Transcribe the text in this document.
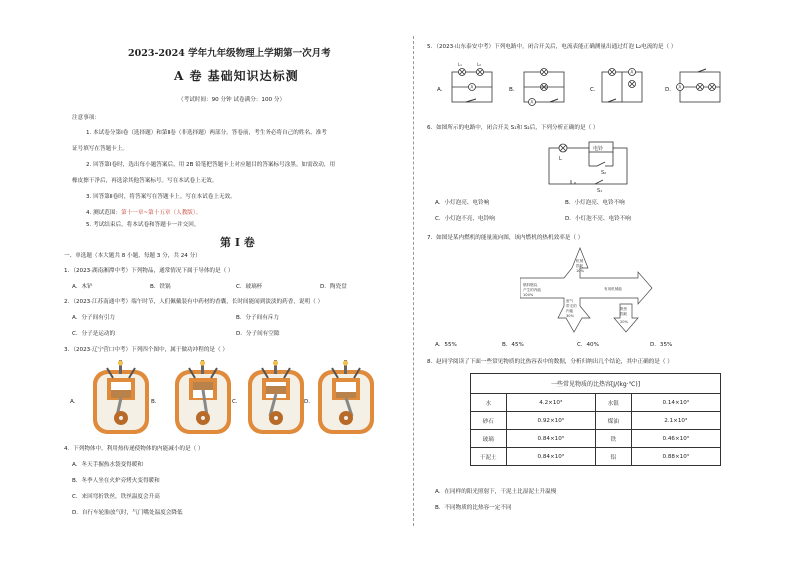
2023-2024 学年九年级物理上学期第一次月考
A 卷 基础知识达标测
（考试时间：90 分钟 试卷满分：100 分）
注意事项：
1. 本试卷分第Ⅰ卷（选择题）和第Ⅱ卷（非选择题）两部分。答卷前，考生务必将自己的姓名、准考
证号填写在答题卡上。
2. 回答第Ⅰ卷时，选出每小题答案后，用 2B 铅笔把答题卡上对应题目的答案标号涂黑。如需改动，用
橡皮擦干净后，再选涂其他答案标号。写在本试卷上无效。
3. 回答第Ⅱ卷时，将答案写在答题卡上。写在本试卷上无效。
4. 测试范围：第十一章~第十五章（人教版）。
5. 考试结束后，将本试卷和答题卡一并交回。
第 Ⅰ 卷
一、单选题（本大题共 8 小题，每题 3 分，共 24 分）
1．（2023·湖南湘潭中考）下列物品，通常情况下属于导体的是（ ）
A．木铲	B．铁锅	C．玻璃杯	D．陶瓷盘
2．（2023·江苏南通中考）端午时节，人们佩戴装有中药材的香囊，长时间能闻到淡淡的药香，说明（ ）
A．分子间有引力	B．分子间有斥力
C．分子是运动的	D．分子间有空隙
3．（2023·辽宁营口中考）下列四个图中，属于做功冲程的是（ ）
A．	B．	C．	D．
4．下列物体中，利用热传递使物体的内能减小的是（ ）
A．冬天手握热水袋变得暖和
B．冬季人坐在火炉旁烤火变得暖和
C．来回弯折铁丝，铁丝温度会升高
D．自行车轮胎放气时，气门嘴处温度会降低
5．（2023·山东泰安中考）下列电路中，闭合开关后，电流表能正确测量出通过灯泡 L₂电流的是（ ）
A．	B．	C．	D．
L₁	L₂
A
A
A
A
6．如图所示的电路中，闭合开关 S₁和 S₂后，下列分析正确的是（ ）
L
电铃
S₂
S₁
A．小灯泡亮、电铃响	B．小灯泡亮、电铃不响
C．小灯泡不亮、电铃响	D．小灯泡不亮、电铃不响
7．如图是某内燃机的能量流向图，该内燃机的热机效率是（ ）
燃料燃烧
产生的内能
100%
有用机械能
机械
损耗
10%
废气
带走的
内能
30%
散热
损耗
20%
A．55%	B．45%	C．40%	D．35%
8．赵同学阅读了下面一些常见物质的比热容表中的数据，分析归纳出几个结论，其中正确的是（ ）
一些常见物质的比热容[J/(kg·℃)]			
水	4.2×10³	水银	0.14×10³
砂石	0.92×10³	煤油	2.1×10³
玻璃	0.84×10³	铁	0.46×10³
干泥土	0.84×10³	铝	0.88×10³
A．在同样的阳光照射下，干泥土比湿泥土升温慢
B．不同物质的比热容一定不同
